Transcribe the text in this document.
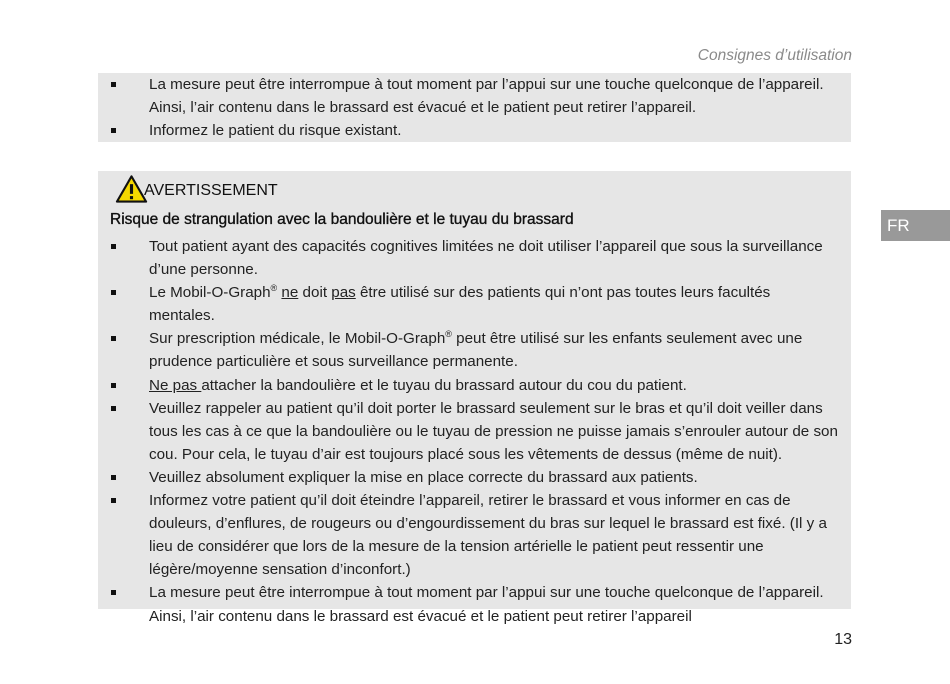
Consignes d’utilisation
La mesure peut être interrompue à tout moment par l’appui sur une touche quelconque de l’appareil. Ainsi, l’air contenu dans le brassard est évacué et le patient peut retirer l’appareil.
Informez le patient du risque existant.
AVERTISSEMENT
Risque de strangulation avec la bandoulière et le tuyau du brassard
Tout patient ayant des capacités cognitives limitées ne doit utiliser l’appareil que sous la surveillance d’une personne.
Le Mobil-O-Graph® ne doit pas être utilisé sur des patients qui n’ont pas toutes leurs facultés mentales.
Sur prescription médicale, le Mobil-O-Graph® peut être utilisé sur les enfants seulement avec une prudence particulière et sous surveillance permanente.
Ne pas attacher la bandoulière et le tuyau du brassard autour du cou du patient.
Veuillez rappeler au patient qu’il doit porter le brassard seulement sur le bras et qu’il doit veiller dans tous les cas à ce que la bandoulière ou le tuyau de pression ne puisse jamais s’enrouler autour de son cou. Pour cela, le tuyau d’air est toujours placé sous les vêtements de dessus (même de nuit).
Veuillez absolument expliquer la mise en place correcte du brassard aux patients.
Informez votre patient qu’il doit éteindre l’appareil, retirer le brassard et vous informer en cas de douleurs, d’enflures, de rougeurs ou d’engourdissement du bras sur lequel le brassard est fixé. (Il y a lieu de considérer que lors de la mesure de la tension artérielle le patient peut ressentir une légère/moyenne sensation d’inconfort.)
La mesure peut être interrompue à tout moment par l’appui sur une touche quelconque de l’appareil. Ainsi, l’air contenu dans le brassard est évacué et le patient peut retirer l’appareil
FR
13
